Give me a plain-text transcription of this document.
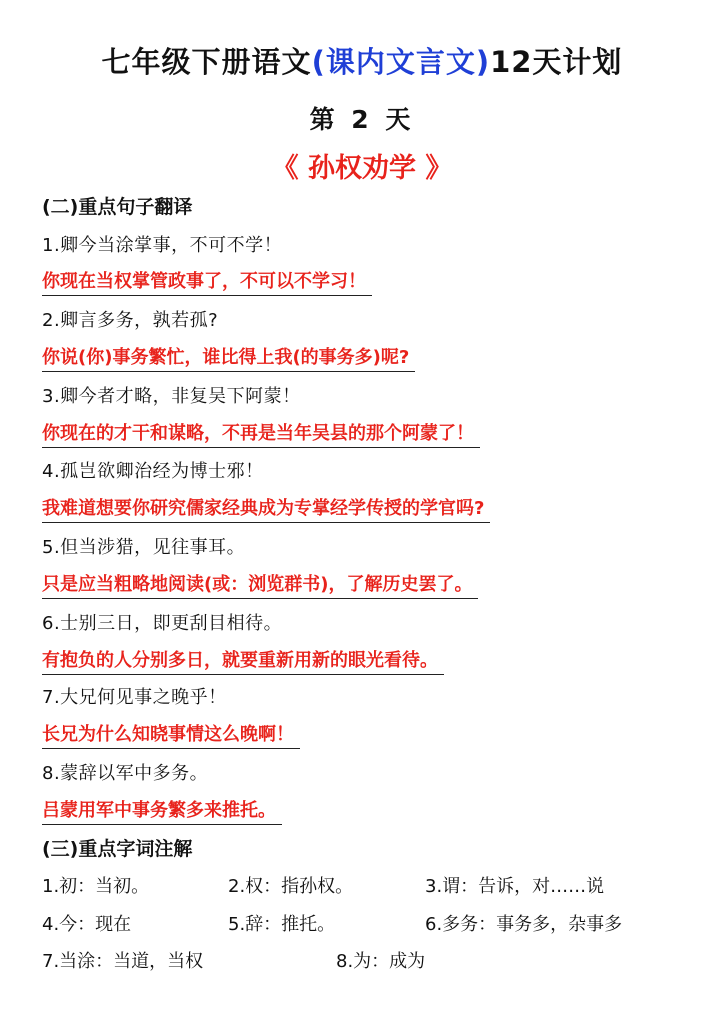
七年级下册语文(课内文言文)12天计划
第 2 天
《 孙权劝学 》
(二)重点句子翻译
1.卿今当涂掌事，不可不学！
你现在当权掌管政事了，不可以不学习！
2.卿言多务，孰若孤?
你说(你)事务繁忙，谁比得上我(的事务多)呢?
3.卿今者才略，非复吴下阿蒙！
你现在的才干和谋略，不再是当年吴县的那个阿蒙了！
4.孤岂欲卿治经为博士邪！
我难道想要你研究儒家经典成为专掌经学传授的学官吗?
5.但当涉猎，见往事耳。
只是应当粗略地阅读(或：浏览群书)，了解历史罢了。
6.士别三日，即更刮目相待。
有抱负的人分别多日，就要重新用新的眼光看待。
7.大兄何见事之晚乎！
长兄为什么知晓事情这么晚啊！
8.蒙辞以军中多务。
吕蒙用军中事务繁多来推托。
(三)重点字词注解
1.初：当初。	2.权：指孙权。	3.谓：告诉，对……说
4.今：现在	5.辞：推托。	6.多务：事务多，杂事多
7.当涂：当道，当权	8.为：成为
